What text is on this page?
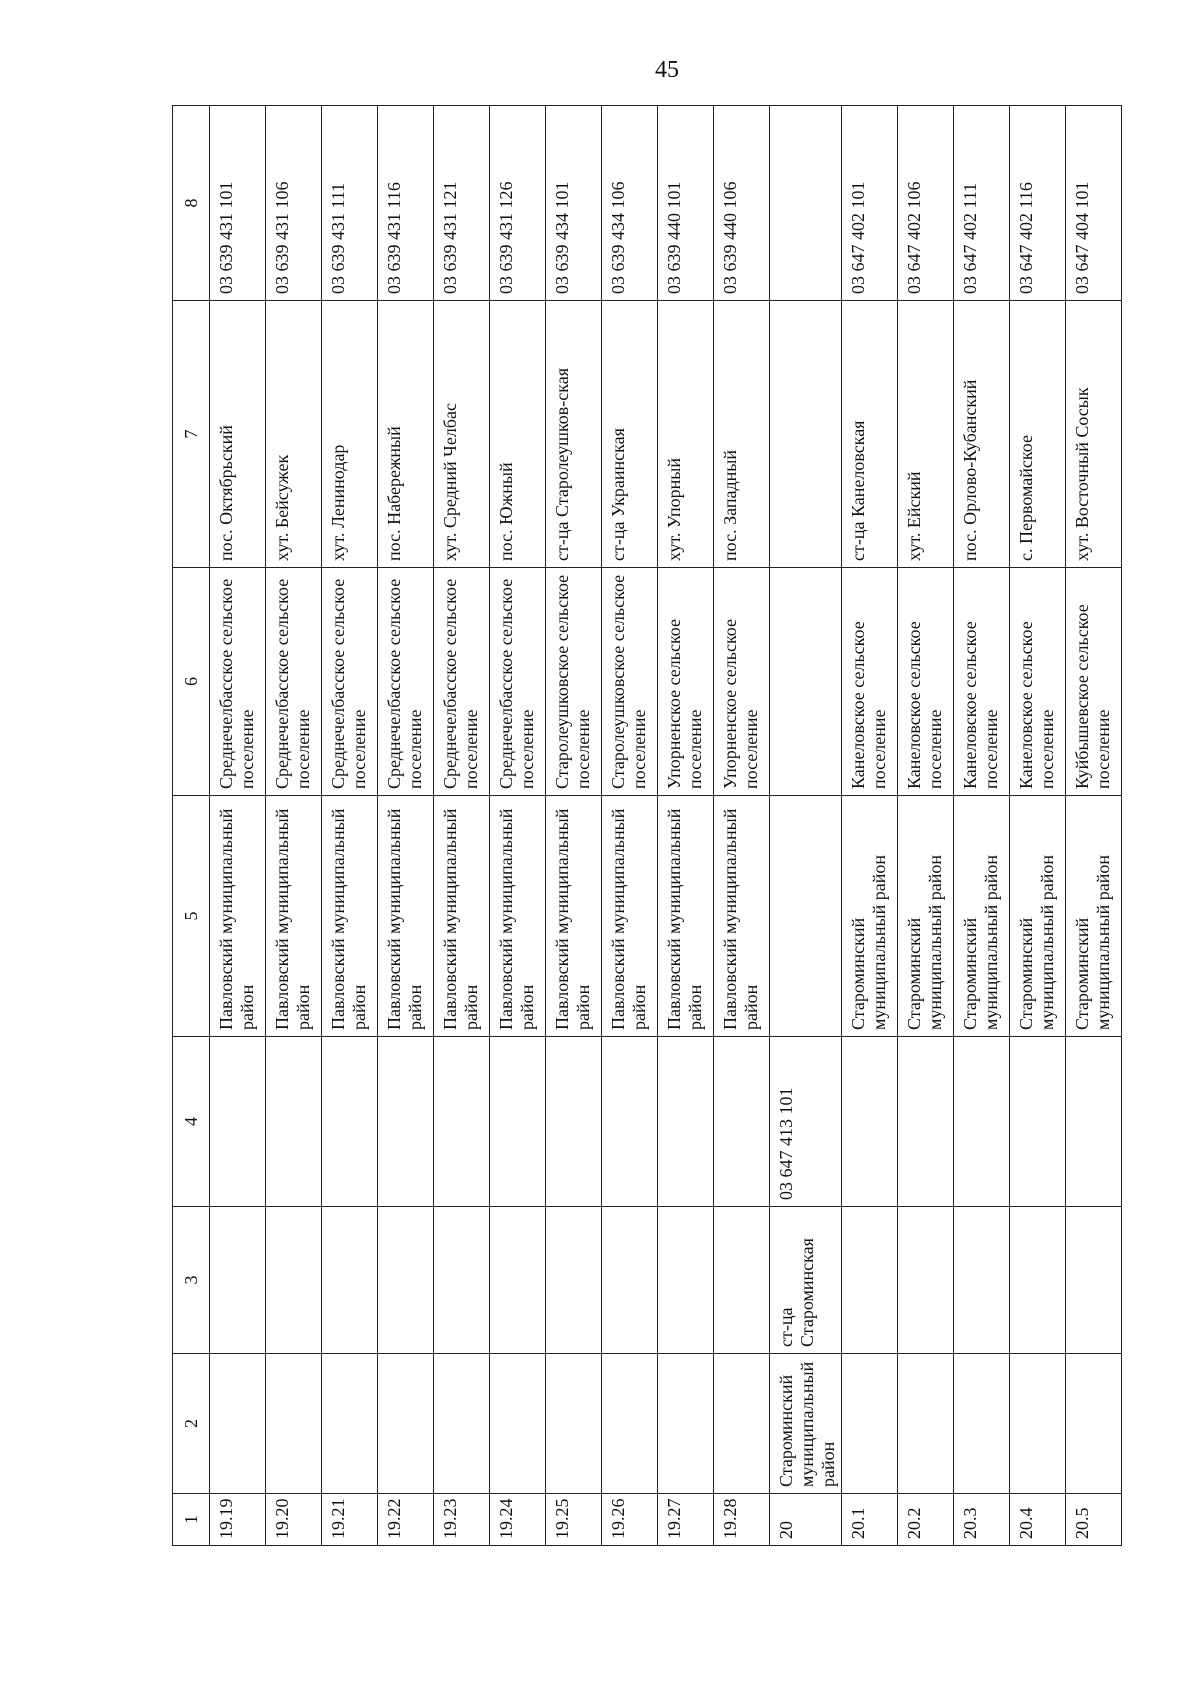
45
1	2	3	4	5	6	7	8
19.19				Павловский муниципальный район	Среднечелбасское сельское поселение	пос. Октябрьский	03 639 431 101
19.20				Павловский муниципальный район	Среднечелбасское сельское поселение	хут. Бейсужек	03 639 431 106
19.21				Павловский муниципальный район	Среднечелбасское сельское поселение	хут. Ленинодар	03 639 431 111
19.22				Павловский муниципальный район	Среднечелбасское сельское поселение	пос. Набережный	03 639 431 116
19.23				Павловский муниципальный район	Среднечелбасское сельское поселение	хут. Средний Челбас	03 639 431 121
19.24				Павловский муниципальный район	Среднечелбасское сельское поселение	пос. Южный	03 639 431 126
19.25				Павловский муниципальный район	Старолеушковское сельское поселение	ст-ца Старолеушков-ская	03 639 434 101
19.26				Павловский муниципальный район	Старолеушковское сельское поселение	ст-ца Украинская	03 639 434 106
19.27				Павловский муниципальный район	Упорненское сельское поселение	хут. Упорный	03 639 440 101
19.28				Павловский муниципальный район	Упорненское сельское поселение	пос. Западный	03 639 440 106
20	Староминский муниципальный район	ст-ца Староминская	03 647 413 101				
20.1				Староминский муниципальный район	Канеловское сельское поселение	ст-ца Канеловская	03 647 402 101
20.2				Староминский муниципальный район	Канеловское сельское поселение	хут. Ейский	03 647 402 106
20.3				Староминский муниципальный район	Канеловское сельское поселение	пос. Орлово-Кубанский	03 647 402 111
20.4				Староминский муниципальный район	Канеловское сельское поселение	с. Первомайское	03 647 402 116
20.5				Староминский муниципальный район	Куйбышевское сельское поселение	хут. Восточный Сосык	03 647 404 101
